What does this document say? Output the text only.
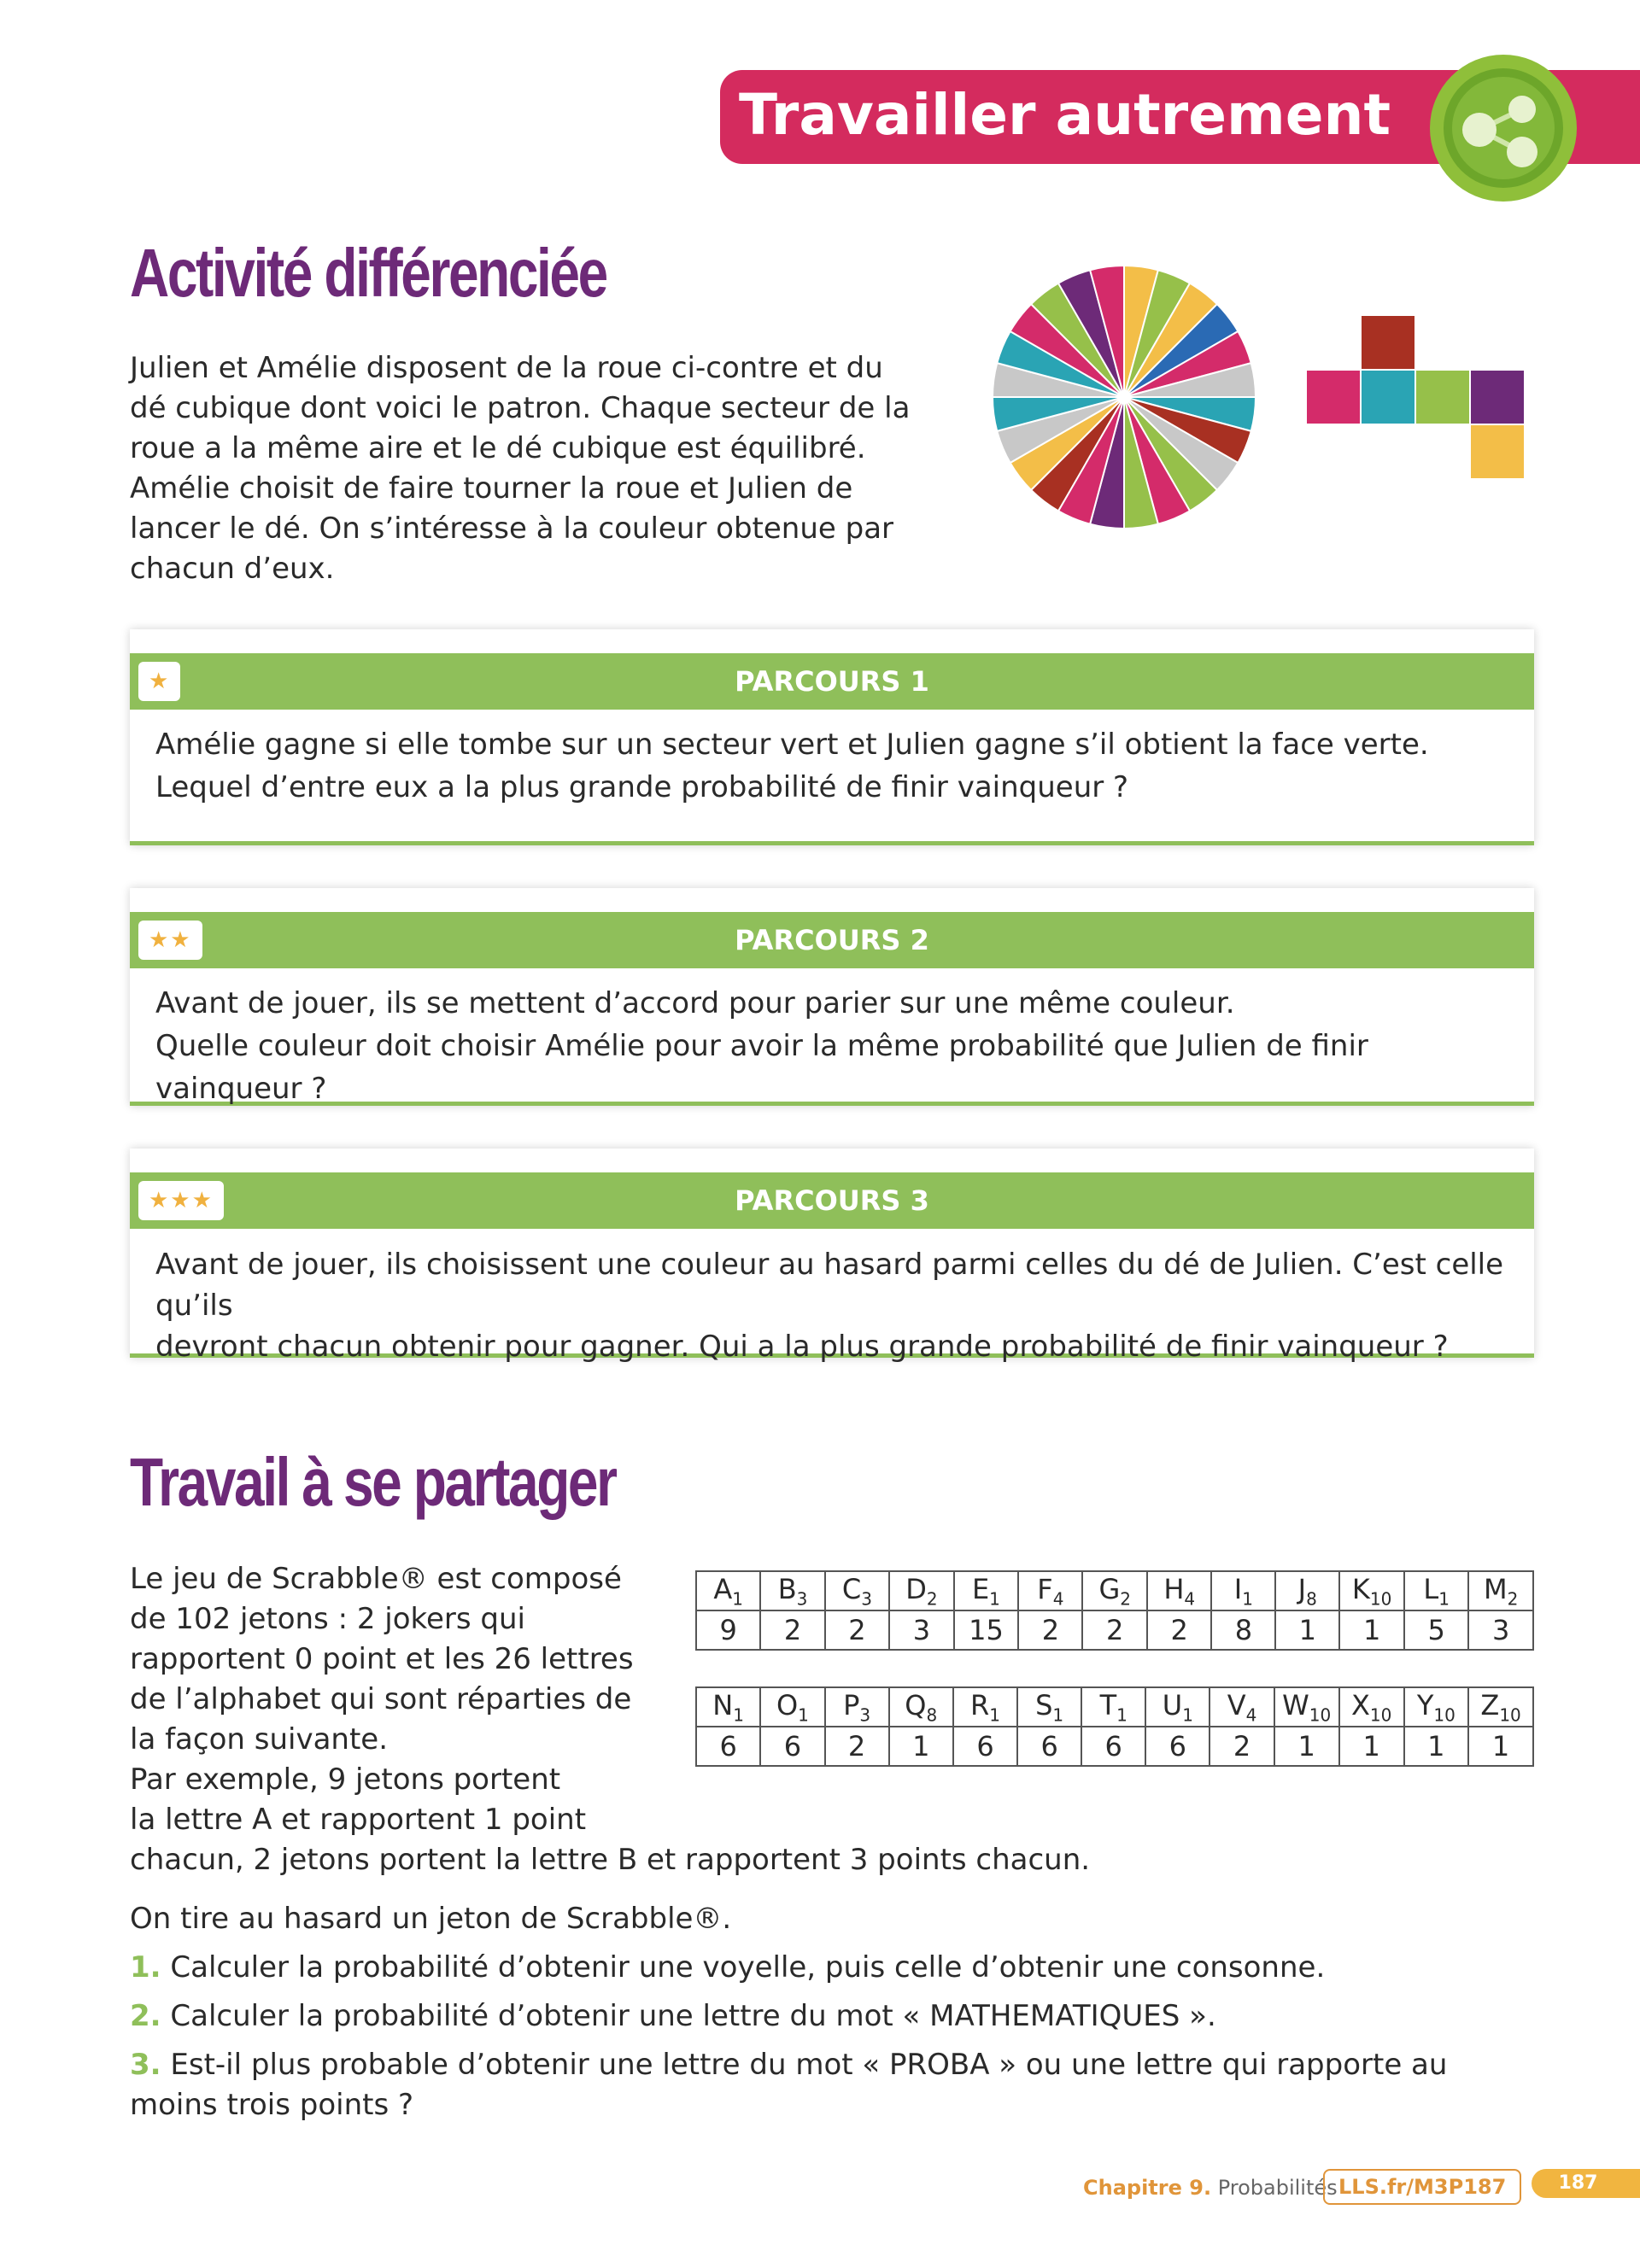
Travailler autrement
Activité différenciée

Julien et Amélie disposent de la roue ci-contre et du dé cubique dont voici le patron. Chaque secteur de la roue a la même aire et le dé cubique est équilibré. Amélie choisit de faire tourner la roue et Julien de lancer le dé. On s’intéresse à la couleur obtenue par chacun d’eux.

PARCOURS 1
★

Amélie gagne si elle tombe sur un secteur vert et Julien gagne s’il obtient la face verte.
Lequel d’entre eux a la plus grande probabilité de finir vainqueur ?

PARCOURS 2
★★

Avant de jouer, ils se mettent d’accord pour parier sur une même couleur.
Quelle couleur doit choisir Amélie pour avoir la même probabilité que Julien de finir vainqueur ?

PARCOURS 3
★★★

Avant de jouer, ils choisissent une couleur au hasard parmi celles du dé de Julien. C’est celle qu’ils
devront chacun obtenir pour gagner. Qui a la plus grande probabilité de finir vainqueur ?

Travail à se partager

Le jeu de Scrabble® est composé
de 102 jetons : 2 jokers qui
rapportent 0 point et les 26 lettres
de l’alphabet qui sont réparties de
la façon suivante.
Par exemple, 9 jetons portent
la lettre A et rapportent 1 point
chacun, 2 jetons portent la lettre B et rapportent 3 points chacun.

$A_1$	$B_3$	$C_3$	$D_2$	$E_1$	$F_4$	$G_2$	$H_4$	$I_1$	$J_8$	$K_{10}$	$L_1$	$M_2$
9	2	2	3	15	2	2	2	8	1	1	5	3
$N_1$	$O_1$	$P_3$	$Q_8$	$R_1$	$S_1$	$T_1$	$U_1$	$V_4$	$W_{10}$	$X_{10}$	$Y_{10}$	$Z_{10}$
6	6	2	1	6	6	6	6	2	1	1	1	1

On tire au hasard un jeton de Scrabble®.

1. Calculer la probabilité d’obtenir une voyelle, puis celle d’obtenir une consonne.

2. Calculer la probabilité d’obtenir une lettre du mot « MATHEMATIQUES ».

3. Est-il plus probable d’obtenir une lettre du mot « PROBA » ou une lettre qui rapporte au moins trois points ?

Chapitre 9. Probabilités LLS.fr/M3P187	187
